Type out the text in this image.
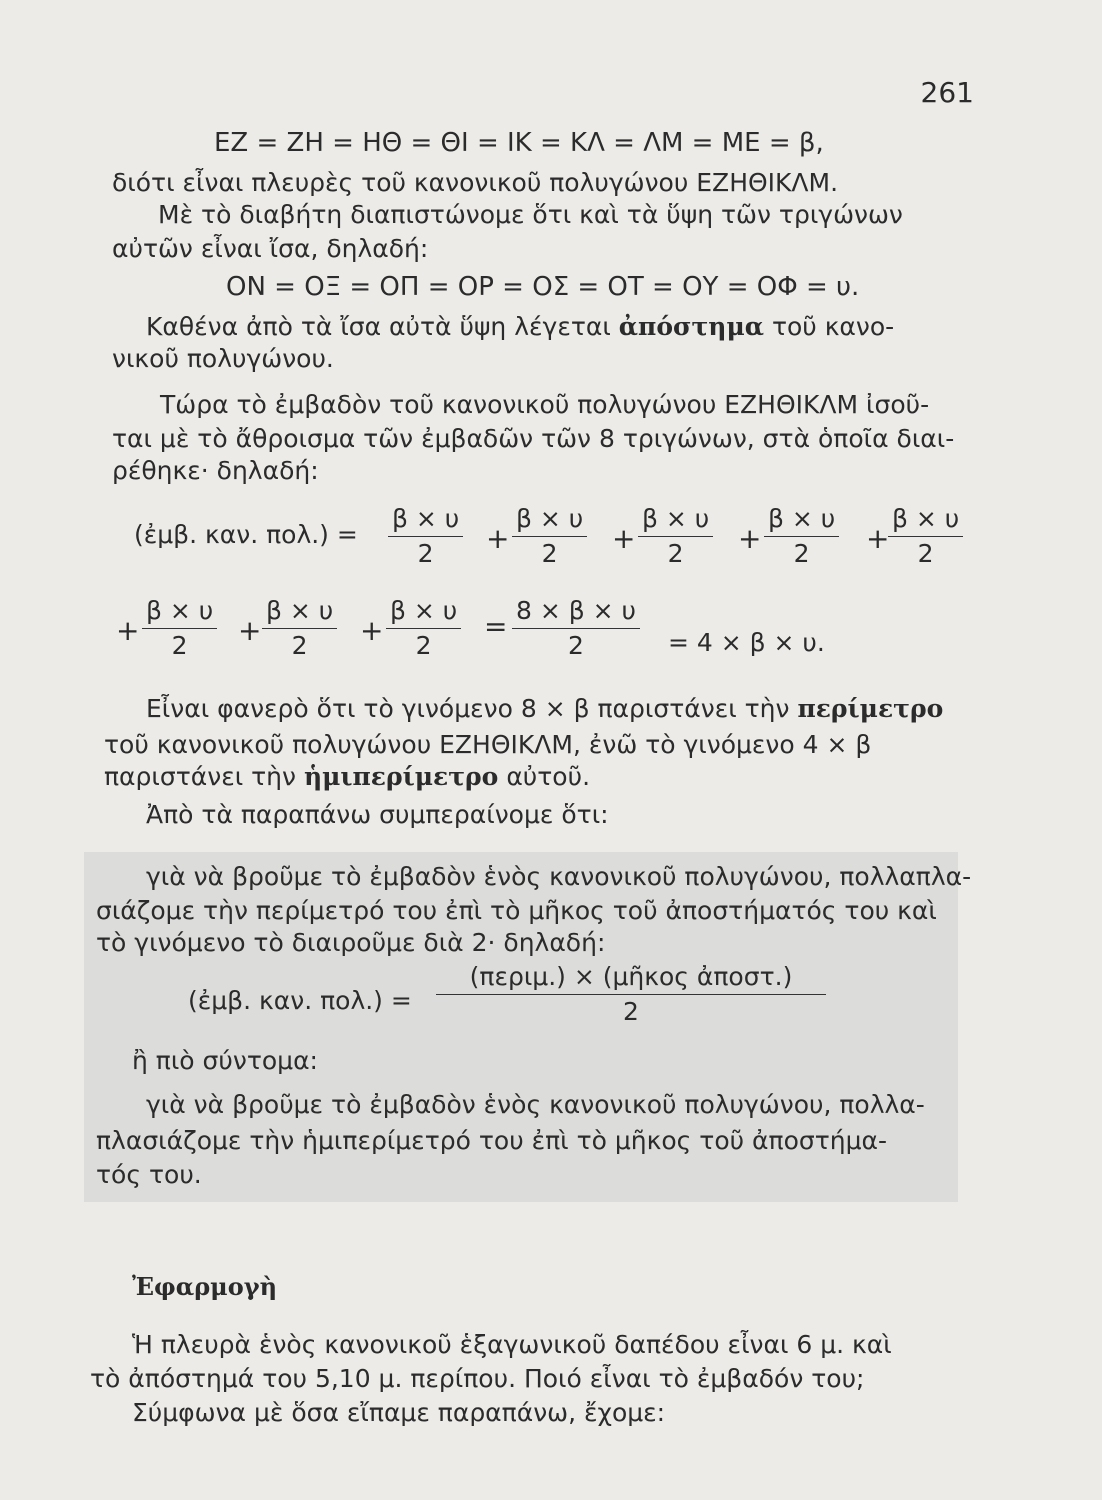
261
ΕΖ = ΖΗ = ΗΘ = ΘΙ = ΙΚ = ΚΛ = ΛΜ = ΜΕ = β,
διότι εἶναι πλευρὲς τοῦ κανονικοῦ πολυγώνου ΕΖΗΘΙΚΛΜ.
Μὲ τὸ διαβήτη διαπιστώνομε ὅτι καὶ τὰ ὕψη τῶν τριγώνων
αὐτῶν εἶναι ἴσα, δηλαδή:
ΟΝ = ΟΞ = ΟΠ = ΟΡ = ΟΣ = ΟΤ = ΟΥ = ΟΦ = υ.
Καθένα ἀπὸ τὰ ἴσα αὐτὰ ὕψη λέγεται ἀπόστημα τοῦ κανο-
νικοῦ πολυγώνου.
Τώρα τὸ ἐμβαδὸν τοῦ κανονικοῦ πολυγώνου ΕΖΗΘΙΚΛΜ ἰσοῦ-
ται μὲ τὸ ἄθροισμα τῶν ἐμβαδῶν τῶν 8 τριγώνων, στὰ ὁποῖα διαι-
ρέθηκε· δηλαδή:
(ἐμβ. καν. $\pi o\lambda.) = \frac{\beta \times \upsilon}{2} + \frac{\beta \times \upsilon}{2} + \frac{\beta \times \upsilon}{2} + \frac{\beta \times \upsilon}{2}$ +
$\frac{\beta \times \upsilon}{2}$
+ $\frac{\beta \times \upsilon}{2} + \frac{\beta \times \upsilon}{2} + \frac{\beta \times \upsilon}{2} = \frac{8 \times \beta \times \upsilon}{2} = 4 \times \beta \times \upsilon$.
Εἶναι φανερὸ ὅτι τὸ γινόμενο 8 × β παριστάνει τὴν περίμετρο
τοῦ κανονικοῦ πολυγώνου ΕΖΗΘΙΚΛΜ, ἐνῶ τὸ γινόμενο 4 × β
παριστάνει τὴν ἡμιπερίμετρο αὐτοῦ.
Ἀπὸ τὰ παραπάνω συμπεραίνομε ὅτι:
γιὰ νὰ βροῦμε τὸ ἐμβαδὸν ἑνὸς κανονικοῦ πολυγώνου, πολλαπλα-
σιάζομε τὴν περίμετρό του ἐπὶ τὸ μῆκος τοῦ ἀποστήματός του καὶ
τὸ γινόμενο τὸ διαιροῦμε διὰ 2· δηλαδή:
(ἐμβ. καν. πολ.) =
(περιμ.) × (μῆκος ἀποστ.)
2
ἢ πιὸ σύντομα:
γιὰ νὰ βροῦμε τὸ ἐμβαδὸν ἑνὸς κανονικοῦ πολυγώνου, πολλα-
πλασιάζομε τὴν ἡμιπερίμετρό του ἐπὶ τὸ μῆκος τοῦ ἀποστήμα-
τός του.
Ἐφαρμογὴ
Ἡ πλευρὰ ἑνὸς κανονικοῦ ἑξαγωνικοῦ δαπέδου εἶναι 6 μ. καὶ
τὸ ἀπόστημά του 5,10 μ. περίπου. Ποιό εἶναι τὸ ἐμβαδόν του;
Σύμφωνα μὲ ὅσα εἴπαμε παραπάνω, ἔχομε:
